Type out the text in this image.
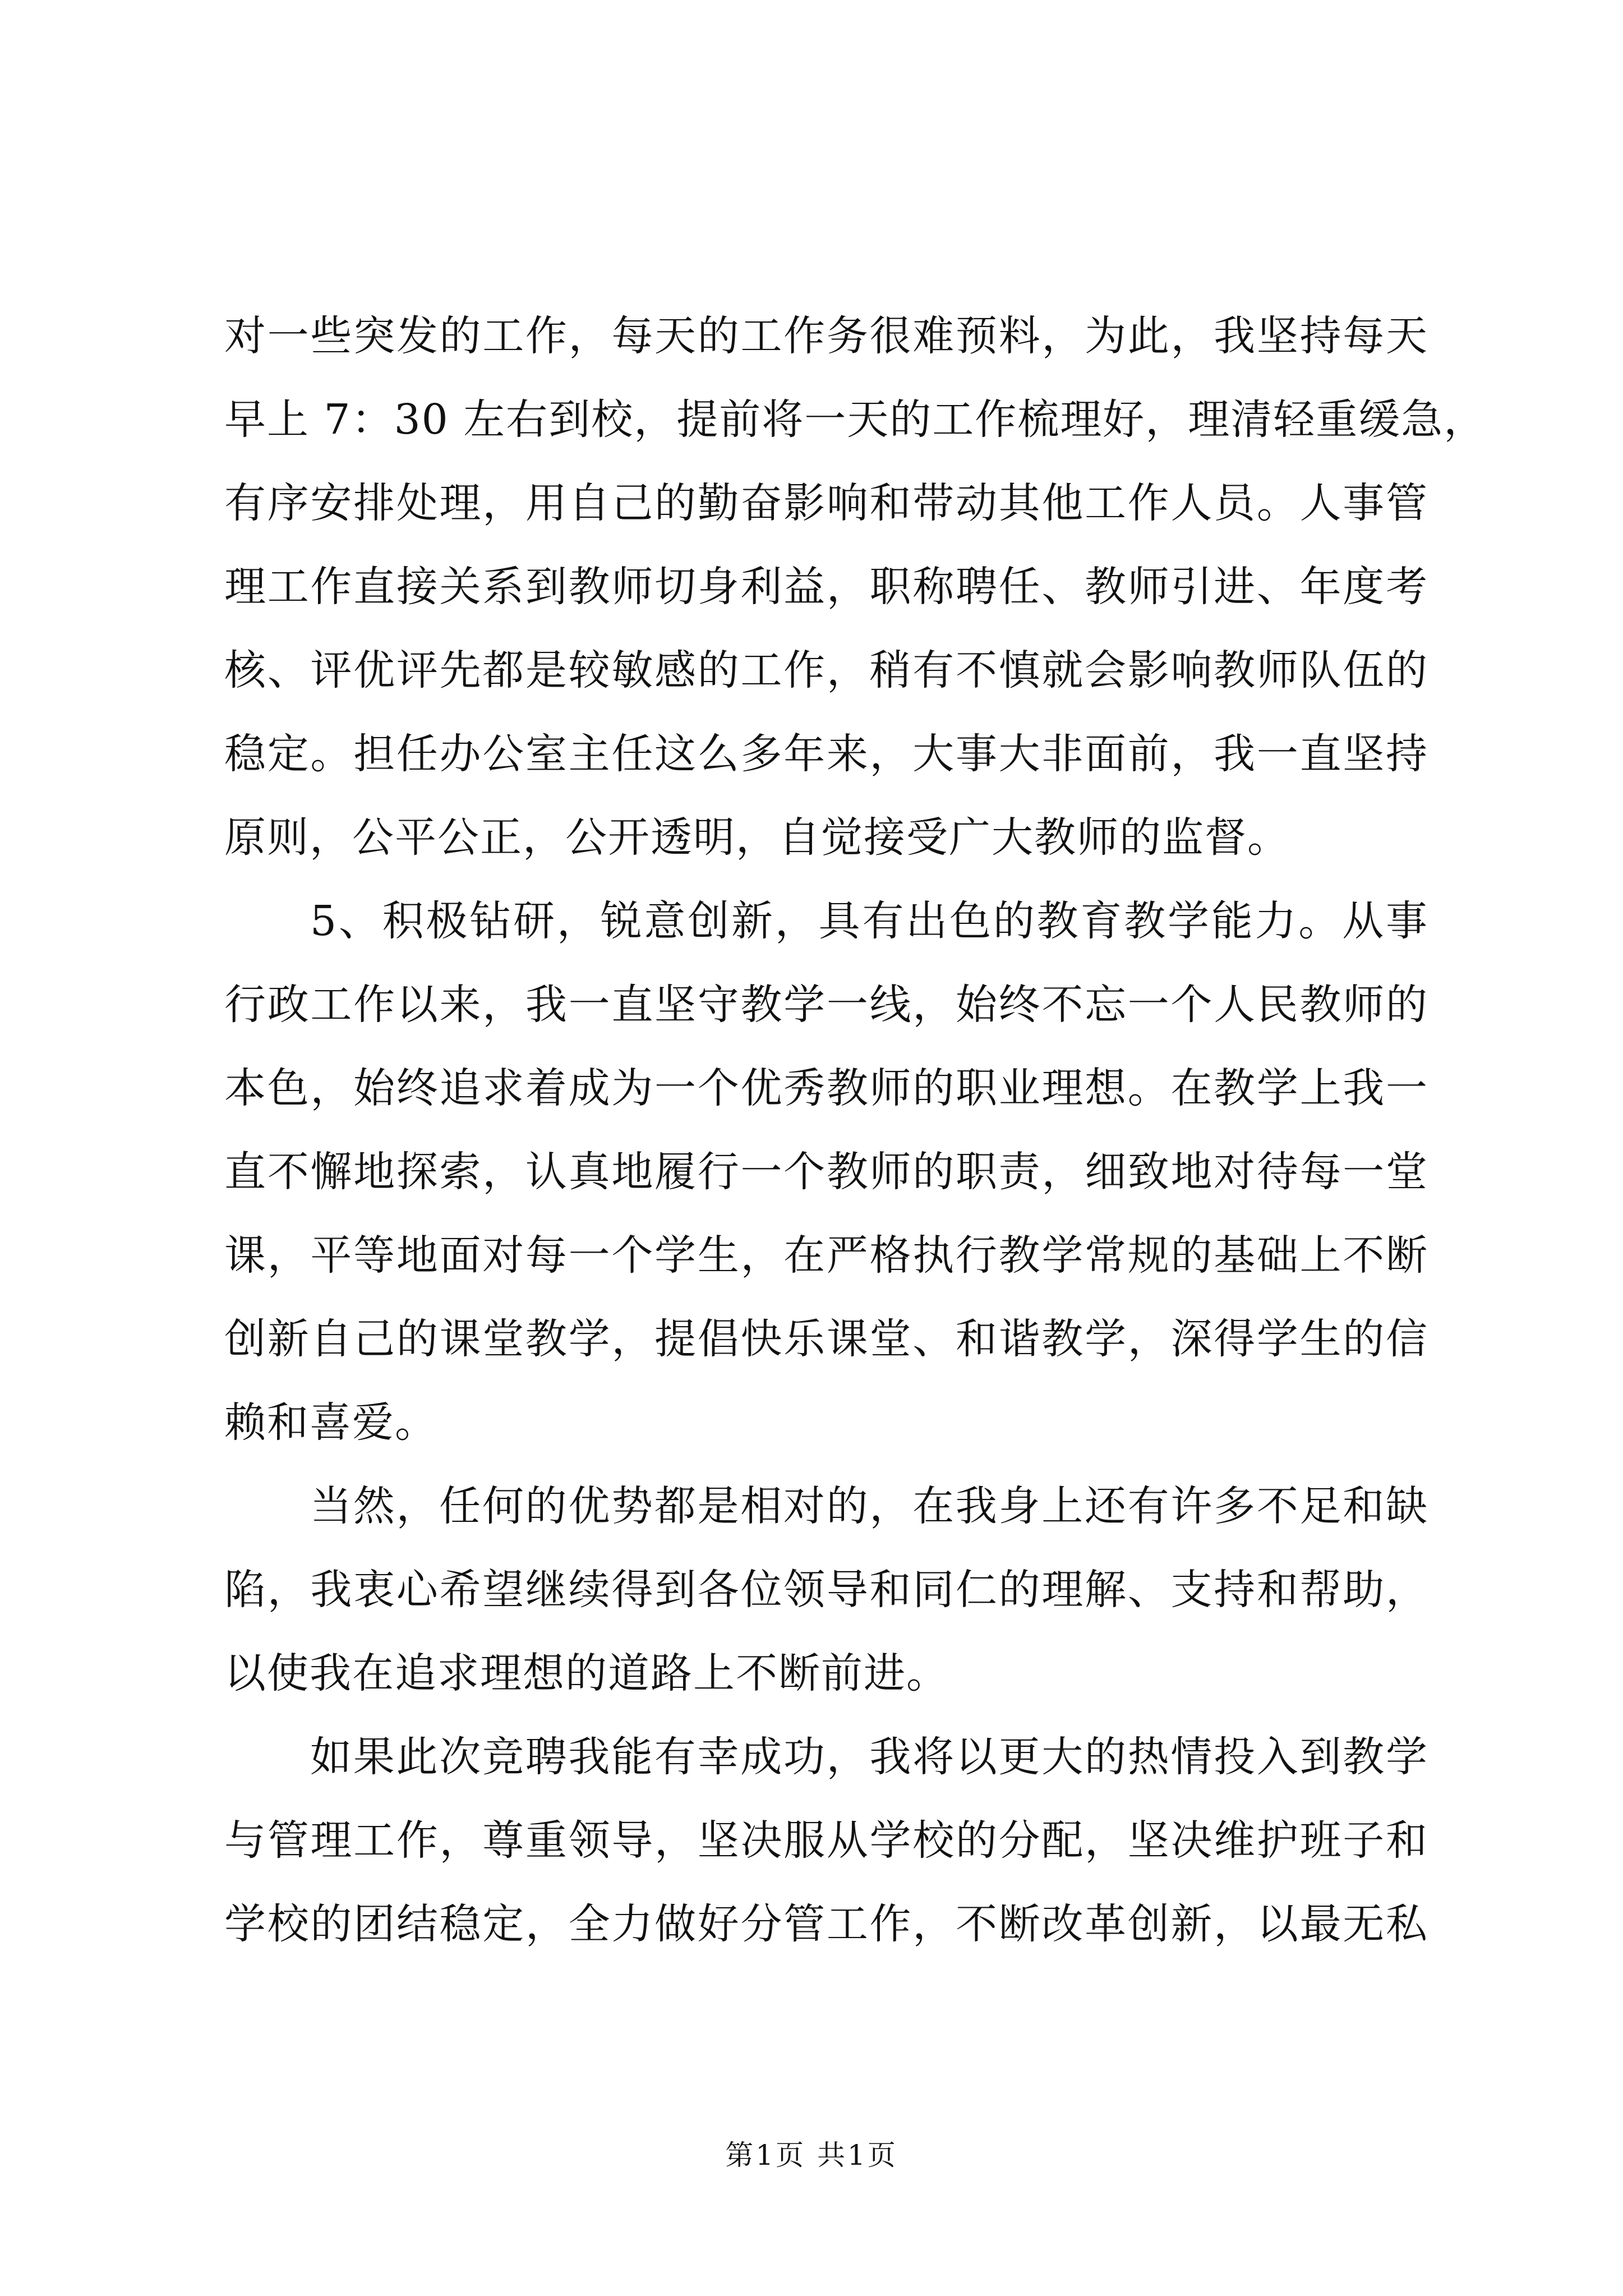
对一些突发的工作，每天的工作务很难预料，为此，我坚持每天
早上 7：30 左右到校，提前将一天的工作梳理好，理清轻重缓急，
有序安排处理，用自己的勤奋影响和带动其他工作人员。人事管
理工作直接关系到教师切身利益，职称聘任、教师引进、年度考
核、评优评先都是较敏感的工作，稍有不慎就会影响教师队伍的
稳定。担任办公室主任这么多年来，大事大非面前，我一直坚持
原则，公平公正，公开透明，自觉接受广大教师的监督。
5、积极钻研，锐意创新，具有出色的教育教学能力。从事
行政工作以来，我一直坚守教学一线，始终不忘一个人民教师的
本色，始终追求着成为一个优秀教师的职业理想。在教学上我一
直不懈地探索，认真地履行一个教师的职责，细致地对待每一堂
课，平等地面对每一个学生，在严格执行教学常规的基础上不断
创新自己的课堂教学，提倡快乐课堂、和谐教学，深得学生的信
赖和喜爱。
当然，任何的优势都是相对的，在我身上还有许多不足和缺
陷，我衷心希望继续得到各位领导和同仁的理解、支持和帮助，
以使我在追求理想的道路上不断前进。
如果此次竞聘我能有幸成功，我将以更大的热情投入到教学
与管理工作，尊重领导，坚决服从学校的分配，坚决维护班子和
学校的团结稳定，全力做好分管工作，不断改革创新，以最无私
第1页 共1页
